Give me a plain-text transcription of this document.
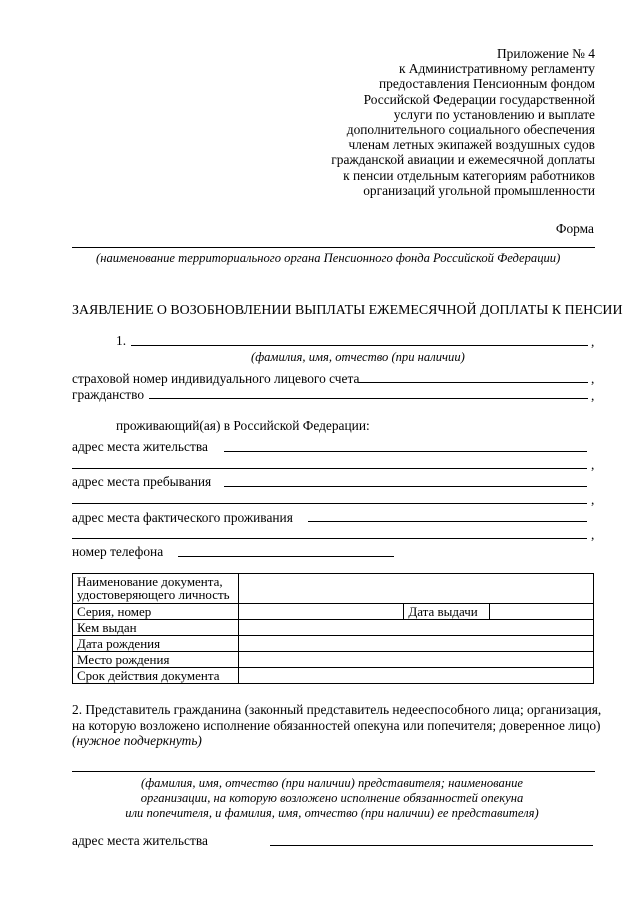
Приложение № 4
к Административному регламенту
предоставления Пенсионным фондом
Российской Федерации государственной
услуги по установлению и выплате
дополнительного социального обеспечения
членам летных экипажей воздушных судов
гражданской авиации и ежемесячной доплаты
к пенсии отдельным категориям работников
организаций угольной промышленности
Форма
(наименование территориального органа Пенсионного фонда Российской Федерации)
ЗАЯВЛЕНИЕ О ВОЗОБНОВЛЕНИИ ВЫПЛАТЫ ЕЖЕМЕСЯЧНОЙ ДОПЛАТЫ К ПЕНСИИ
1.	,
(фамилия, имя, отчество (при наличии)
страховой номер индивидуального лицевого счета	,
гражданство	,
проживающий(ая) в Российской Федерации:
адрес места жительства
,
адрес места пребывания
,
адрес места фактического проживания
,
номер телефона
Наименование документа,
удостоверяющего личность			

Серия, номер		Дата выдачи	
Кем выдан			
Дата рождения			
Место рождения			
Срок действия документа			
2. Представитель гражданина (законный представитель недееспособного лица; организация,
на которую возложено исполнение обязанностей опекуна или попечителя; доверенное лицо)
(нужное подчеркнуть)
(фамилия, имя, отчество (при наличии) представителя; наименование
организации, на которую возложено исполнение обязанностей опекуна
или попечителя, и фамилия, имя, отчество (при наличии) ее представителя)
адрес места жительства
